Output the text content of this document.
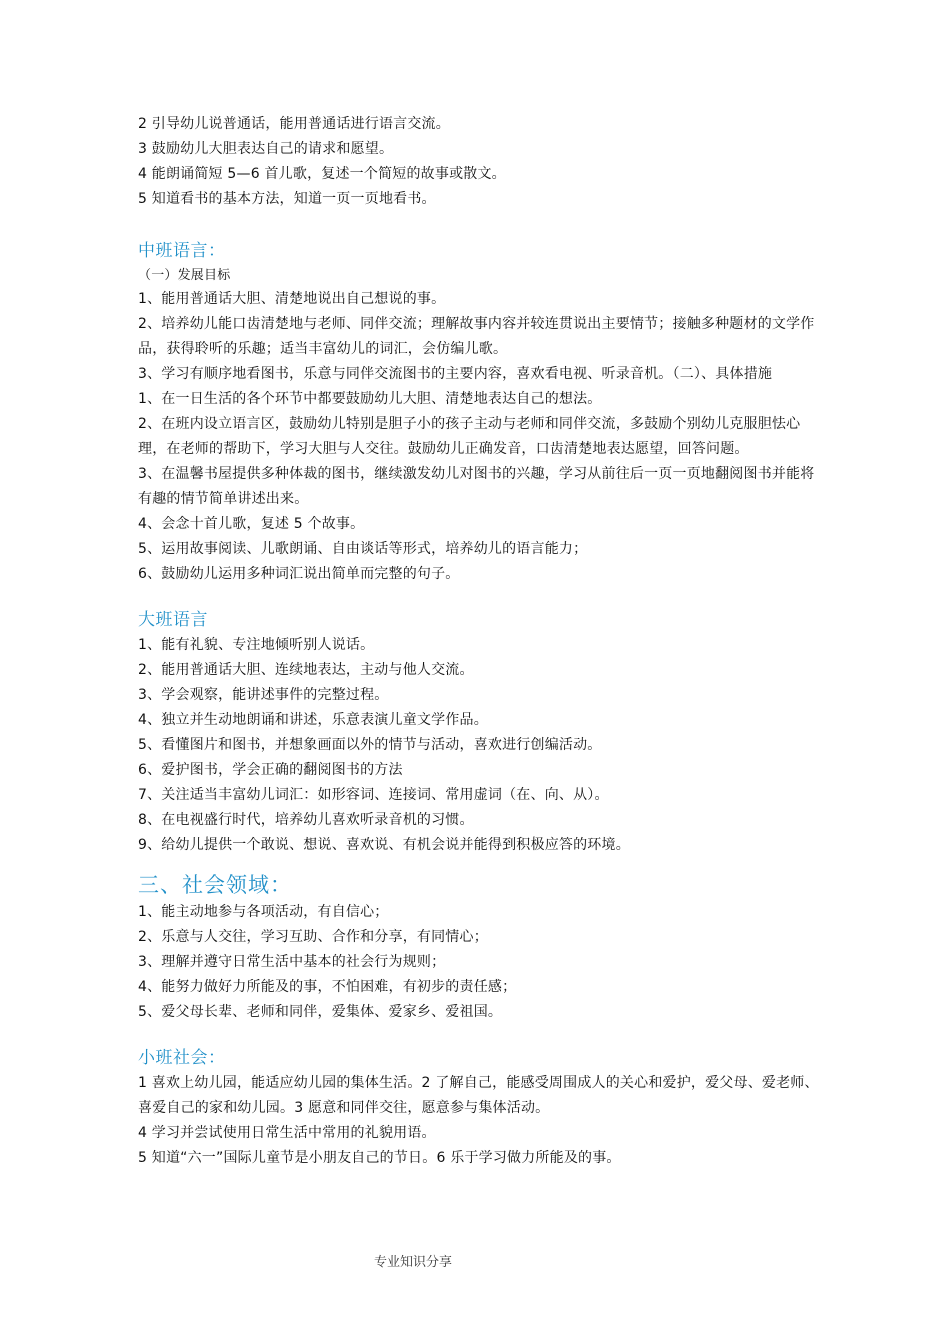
2 引导幼儿说普通话，能用普通话进行语言交流。
3 鼓励幼儿大胆表达自己的请求和愿望。
4 能朗诵简短 5—6 首儿歌，复述一个简短的故事或散文。
5 知道看书的基本方法，知道一页一页地看书。
中班语言：
（一）发展目标
1、能用普通话大胆、清楚地说出自己想说的事。
2、培养幼儿能口齿清楚地与老师、同伴交流；理解故事内容并较连贯说出主要情节；接触多种题材的文学作品，获得聆听的乐趣；适当丰富幼儿的词汇，会仿编儿歌。
3、学习有顺序地看图书，乐意与同伴交流图书的主要内容，喜欢看电视、听录音机。（二）、具体措施
1、在一日生活的各个环节中都要鼓励幼儿大胆、清楚地表达自己的想法。
2、在班内设立语言区，鼓励幼儿特别是胆子小的孩子主动与老师和同伴交流，多鼓励个别幼儿克服胆怯心理，在老师的帮助下，学习大胆与人交往。鼓励幼儿正确发音，口齿清楚地表达愿望，回答问题。
3、在温馨书屋提供多种体裁的图书，继续激发幼儿对图书的兴趣，学习从前往后一页一页地翻阅图书并能将有趣的情节简单讲述出来。
4、会念十首儿歌，复述 5 个故事。
5、运用故事阅读、儿歌朗诵、自由谈话等形式，培养幼儿的语言能力；
6、鼓励幼儿运用多种词汇说出简单而完整的句子。
大班语言
1、能有礼貌、专注地倾听别人说话。
2、能用普通话大胆、连续地表达，主动与他人交流。
3、学会观察，能讲述事件的完整过程。
4、独立并生动地朗诵和讲述，乐意表演儿童文学作品。
5、看懂图片和图书，并想象画面以外的情节与活动，喜欢进行创编活动。
6、爱护图书，学会正确的翻阅图书的方法
7、关注适当丰富幼儿词汇：如形容词、连接词、常用虚词（在、向、从）。
8、在电视盛行时代，培养幼儿喜欢听录音机的习惯。
9、给幼儿提供一个敢说、想说、喜欢说、有机会说并能得到积极应答的环境。
三、社会领域：
1、能主动地参与各项活动，有自信心；
2、乐意与人交往，学习互助、合作和分享，有同情心；
3、理解并遵守日常生活中基本的社会行为规则；
4、能努力做好力所能及的事，不怕困难，有初步的责任感；
5、爱父母长辈、老师和同伴，爱集体、爱家乡、爱祖国。
小班社会：
1 喜欢上幼儿园，能适应幼儿园的集体生活。2 了解自己，能感受周围成人的关心和爱护，爱父母、爱老师、喜爱自己的家和幼儿园。3 愿意和同伴交往，愿意参与集体活动。
4 学习并尝试使用日常生活中常用的礼貌用语。
5 知道“六一”国际儿童节是小朋友自己的节日。6 乐于学习做力所能及的事。
专业知识分享
